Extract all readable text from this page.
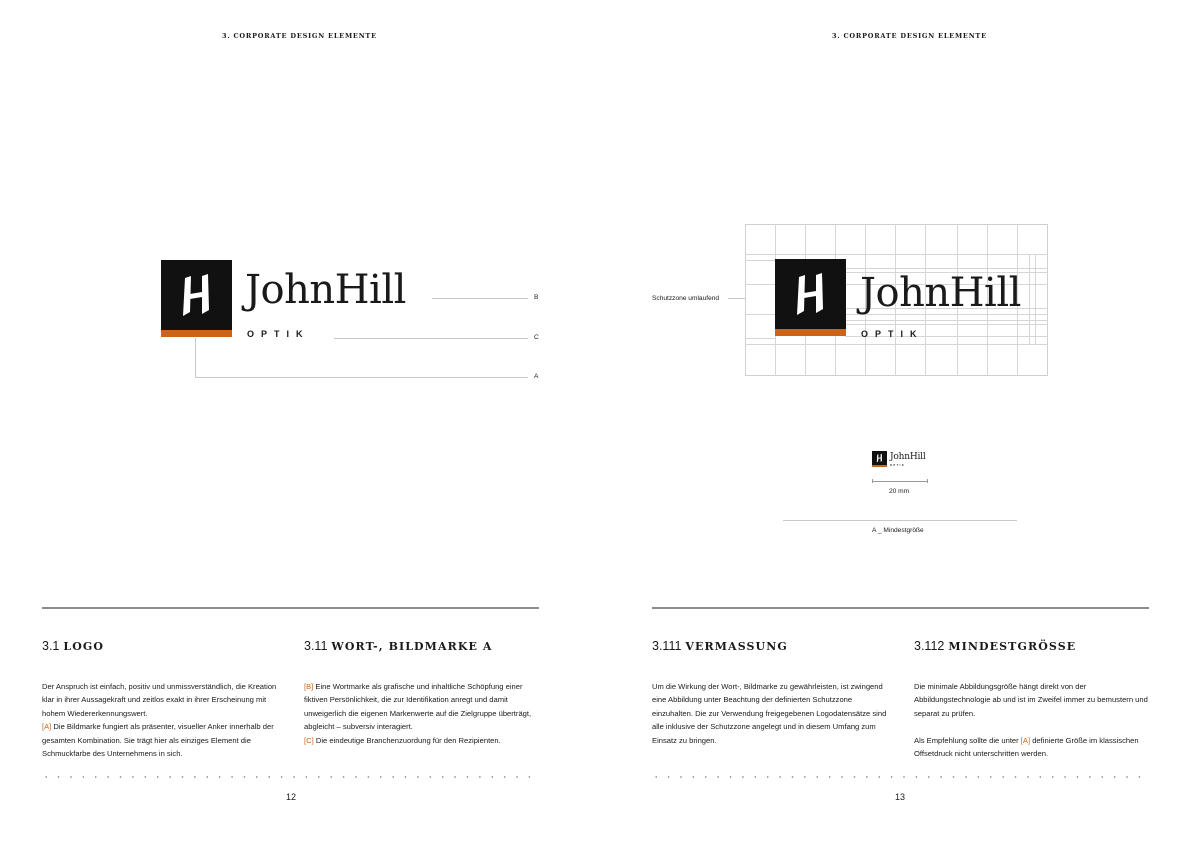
3. CORPORATE DESIGN ELEMENTE
JohnHill
OPTIK
B
C
A
3.1 LOGO	3.11 WORT-, BILDMARKE A

Der Anspruch ist einfach, positiv und unmissverständlich, die Kreation klar in ihrer Aussagekraft und zeitlos exakt in ihrer Erscheinung mit hohem Wiedererkennungswert.

[A] Die Bildmarke fungiert als präsenter, visueller Anker innerhalb der gesamten Kombination. Sie trägt hier als einziges Element die Schmuckfarbe des Unternehmens in sich.

[B] Eine Wortmarke als grafische und inhaltliche Schöpfung einer fiktiven Persönlichkeit, die zur Identifikation anregt und damit unweigerlich die eigenen Markenwerte auf die Zielgruppe überträgt, abgleicht – subversiv interagiert.

[C] Die eindeutige Branchenzuordung für den Rezipienten.

12
3. CORPORATE DESIGN ELEMENTE
Schutzzone umlaufend	JohnHill
OPTIK
JohnHill
OPTIK
20 mm
A _ Mindestgröße
3.111 VERMASSUNG	3.112 MINDESTGRÖSSE

Um die Wirkung der Wort-, Bildmarke zu gewährleisten, ist zwingend eine Abbildung unter Beachtung der definierten Schutzzone einzuhalten. Die zur Verwendung freigegebenen Logodatensätze sind alle inklusive der Schutzzone angelegt und in diesem Umfang zum Einsatz zu bringen.

Die minimale Abbildungsgröße hängt direkt von der Abbildungstechnologie ab und ist im Zweifel immer zu bemustern und separat zu prüfen.

Als Empfehlung sollte die unter [A] definierte Größe im klassischen Offsetdruck nicht unterschritten werden.

13
